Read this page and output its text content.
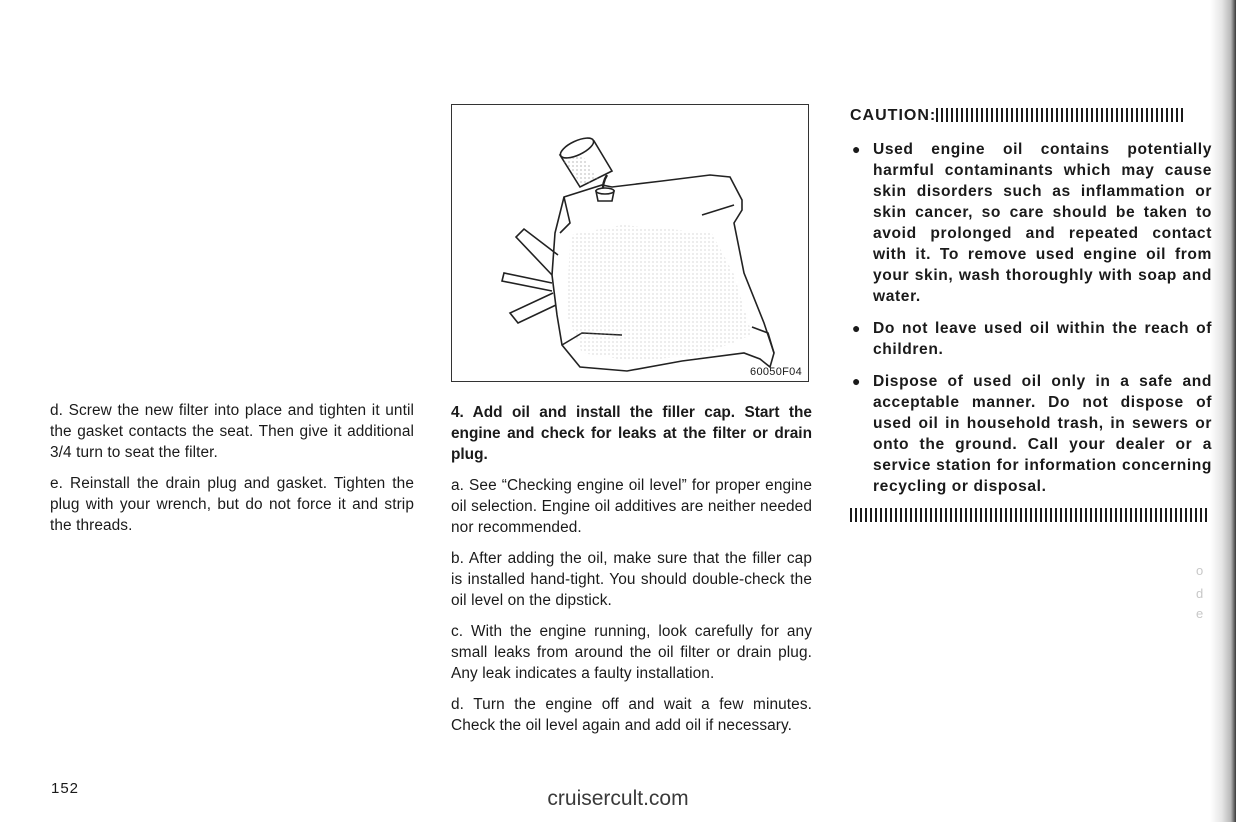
o
d
e

d. Screw the new filter into place and tighten it until the gasket contacts the seat. Then give it additional 3/4 turn to seat the filter.

e. Reinstall the drain plug and gasket. Tighten the plug with your wrench, but do not force it and strip the threads.

60050F04

4. Add oil and install the filler cap. Start the engine and check for leaks at the filter or drain plug.

a. See “Checking engine oil level” for proper engine oil selection. Engine oil additives are neither needed nor recommended.

b. After adding the oil, make sure that the filler cap is installed hand-tight. You should double-check the oil level on the dipstick.

c. With the engine running, look carefully for any small leaks from around the oil filter or drain plug. Any leak indicates a faulty installation.

d. Turn the engine off and wait a few minutes. Check the oil level again and add oil if necessary.

CAUTION:
● Used engine oil contains potentially harmful contaminants which may cause skin disorders such as inflammation or skin cancer, so care should be taken to avoid prolonged and repeated contact with it. To remove used engine oil from your skin, wash thoroughly with soap and water.
● Do not leave used oil within the reach of children.
● Dispose of used oil only in a safe and acceptable manner. Do not dispose of used oil in household trash, in sewers or onto the ground. Call your dealer or a service station for information concerning recycling or disposal.
152	cruisercult.com
